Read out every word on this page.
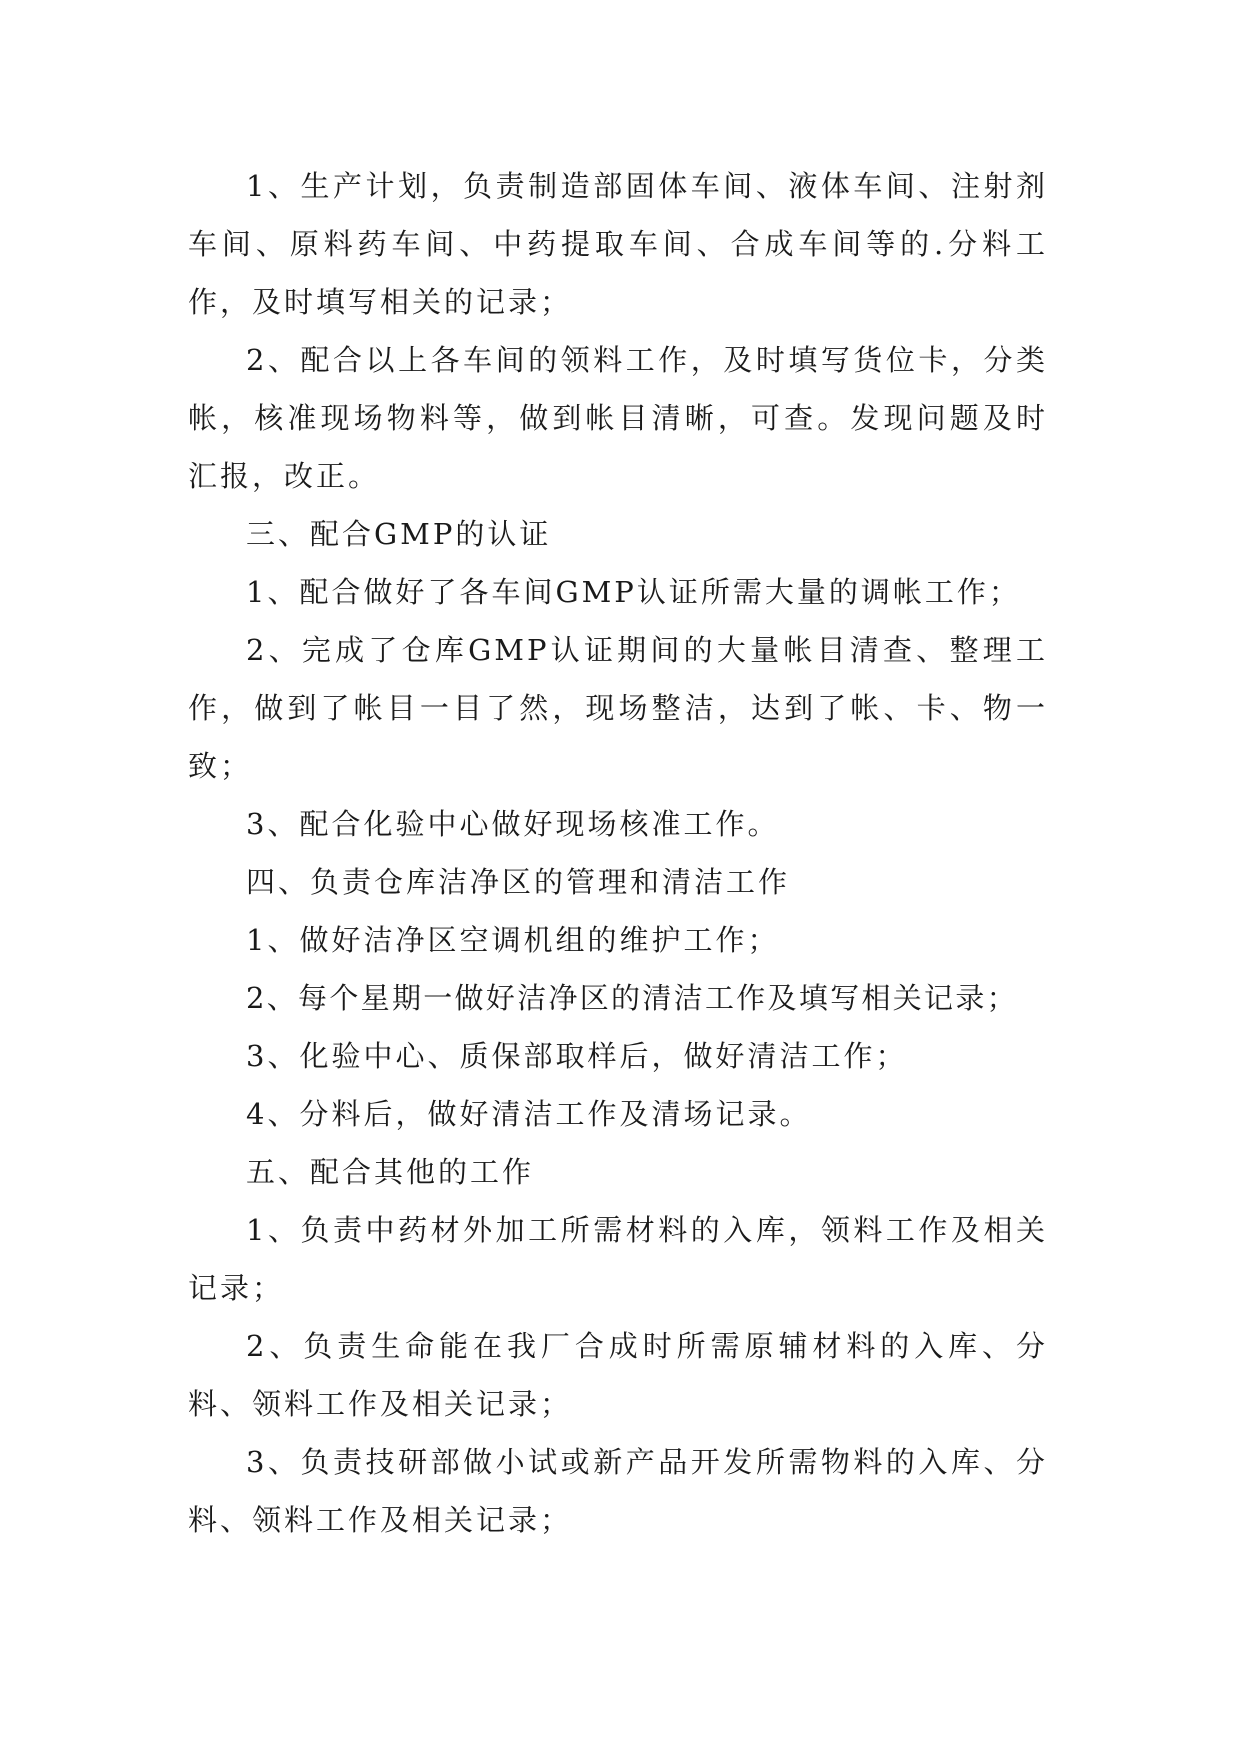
1、生产计划，负责制造部固体车间、液体车间、注射剂车间、原料药车间、中药提取车间、合成车间等的.分料工作，及时填写相关的记录；

2、配合以上各车间的领料工作，及时填写货位卡，分类帐，核准现场物料等，做到帐目清晰，可查。发现问题及时汇报，改正。

三、配合GMP的认证

1、配合做好了各车间GMP认证所需大量的调帐工作；

2、完成了仓库GMP认证期间的大量帐目清查、整理工作，做到了帐目一目了然，现场整洁，达到了帐、卡、物一致；

3、配合化验中心做好现场核准工作。

四、负责仓库洁净区的管理和清洁工作

1、做好洁净区空调机组的维护工作；

2、每个星期一做好洁净区的清洁工作及填写相关记录；

3、化验中心、质保部取样后，做好清洁工作；

4、分料后，做好清洁工作及清场记录。

五、配合其他的工作

1、负责中药材外加工所需材料的入库，领料工作及相关记录；

2、负责生命能在我厂合成时所需原辅材料的入库、分料、领料工作及相关记录；

3、负责技研部做小试或新产品开发所需物料的入库、分料、领料工作及相关记录；
